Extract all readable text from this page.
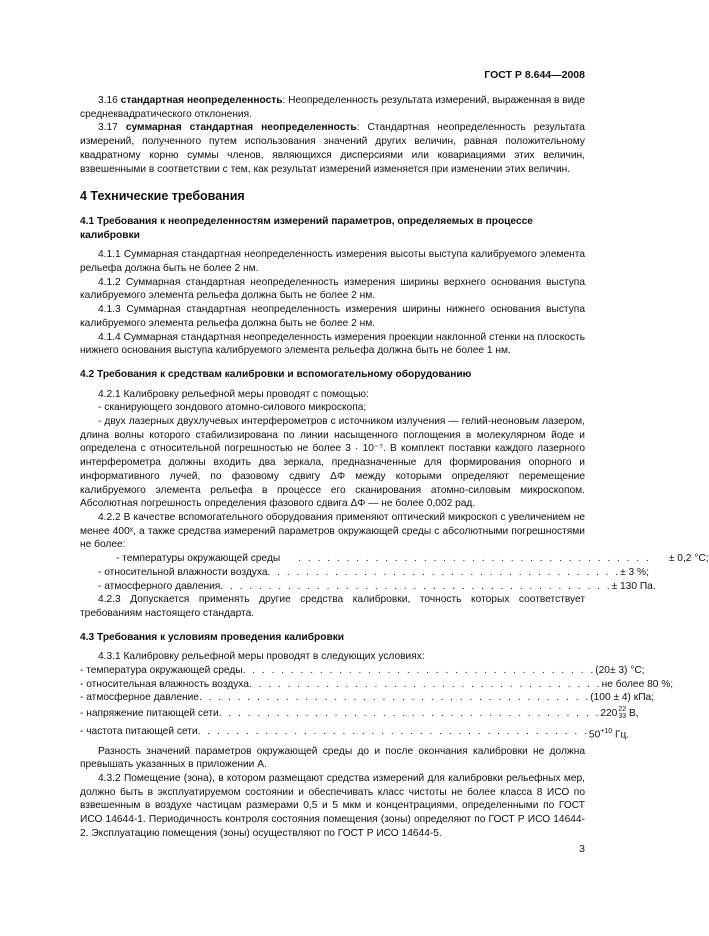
ГОСТ Р 8.644—2008

3.16 стандартная неопределенность: Неопределенность результата измерений, выраженная в виде среднеквадратического отклонения.

3.17 суммарная стандартная неопределенность: Стандартная неопределенность результата измерений, полученного путем использования значений других величин, равная положительному квадратному корню суммы членов, являющихся дисперсиями или ковариациями этих величин, взвешенными в соответствии с тем, как результат измерений изменяется при изменении этих величин.

4 Технические требования
4.1 Требования к неопределенностям измерений параметров, определяемых в процессе калибровки

4.1.1 Суммарная стандартная неопределенность измерения высоты выступа калибруемого элемента рельефа должна быть не более 2 нм.

4.1.2 Суммарная стандартная неопределенность измерения ширины верхнего основания выступа калибруемого элемента рельефа должна быть не более 2 нм.

4.1.3 Суммарная стандартная неопределенность измерения ширины нижнего основания выступа калибруемого элемента рельефа должна быть не более 2 нм.

4.1.4 Суммарная стандартная неопределенность измерения проекции наклонной стенки на плоскость нижнего основания выступа калибруемого элемента рельефа должна быть не более 1 нм.

4.2 Требования к средствам калибровки и вспомогательному оборудованию

4.2.1 Калибровку рельефной меры проводят с помощью:

- сканирующего зондового атомно-силового микроскопа;

- двух лазерных двухлучевых интерферометров с источником излучения — гелий-неоновым лазером, длина волны которого стабилизирована по линии насыщенного поглощения в молекулярном йоде и определена с относительной погрешностью не более 3 · 10⁻⁷. В комплект поставки каждого лазерного интерферометра должны входить два зеркала, предназначенные для формирования опорного и информативного лучей, по фазовому сдвигу ΔΦ между которыми определяют перемещение калибруемого элемента рельефа в процессе его сканирования атомно-силовым микроскопом. Абсолютная погрешность определения фазового сдвига ΔΦ — не более 0,002 рад.

4.2.2 В качестве вспомогательного оборудования применяют оптический микроскоп с увеличением не менее 400ˣ, а также средства измерений параметров окружающей среды с абсолютными погрешностями не более:

- температуры окружающей среды	. . . . . . . . . . . . . . . . . . . . . . . . . . . . . . . . . . . . .	± 0,2 °С;
- относительной влажности воздуха . . . . . . . . . . . . . . . . . . . . . . . . . . . . . . . . . . . . . ± 3 %;
- атмосферного давления . . . . . . . . . . . . . . . . . . . . . . . . . . . . . . . . . . . . . . . . . ± 130 Па.

4.2.3 Допускается применять другие средства калибровки, точность которых соответствует требованиям настоящего стандарта.

4.3 Требования к условиям проведения калибровки

4.3.1 Калибровку рельефной меры проводят в следующих условиях:

- температура окружающей среды . . . . . . . . . . . . . . . . . . . . . . . . . . . . . . . . . . . . . (20± 3) °С;
- относительная влажность воздуха . . . . . . . . . . . . . . . . . . . . . . . . . . . . . . . . . . . . . не более 80 %;
- атмосферное давление . . . . . . . . . . . . . . . . . . . . . . . . . . . . . . . . . . . . . . . . . (100 ± 4) кПа;
- напряжение питающей сети . . . . . . . . . . . . . . . . . . . . . . . . . . . . . . . . . . . . . . . . 220 22
33 В,
- частота питающей сети . . . . . . . . . . . . . . . . . . . . . . . . . . . . . . . . . . . . . . . . . $50^{+10}$ Гц.

Разность значений параметров окружающей среды до и после окончания калибровки не должна превышать указанных в приложении А.

4.3.2 Помещение (зона), в котором размещают средства измерений для калибровки рельефных мер, должно быть в эксплуатируемом состоянии и обеспечивать класс чистоты не более класса 8 ИСО по взвешенным в воздухе частицам размерами 0,5 и 5 мкм и концентрациями, определенными по ГОСТ ИСО 14644-1. Периодичность контроля состояния помещения (зоны) определяют по ГОСТ Р ИСО 14644-2. Эксплуатацию помещения (зоны) осуществляют по ГОСТ Р ИСО 14644-5.

3
